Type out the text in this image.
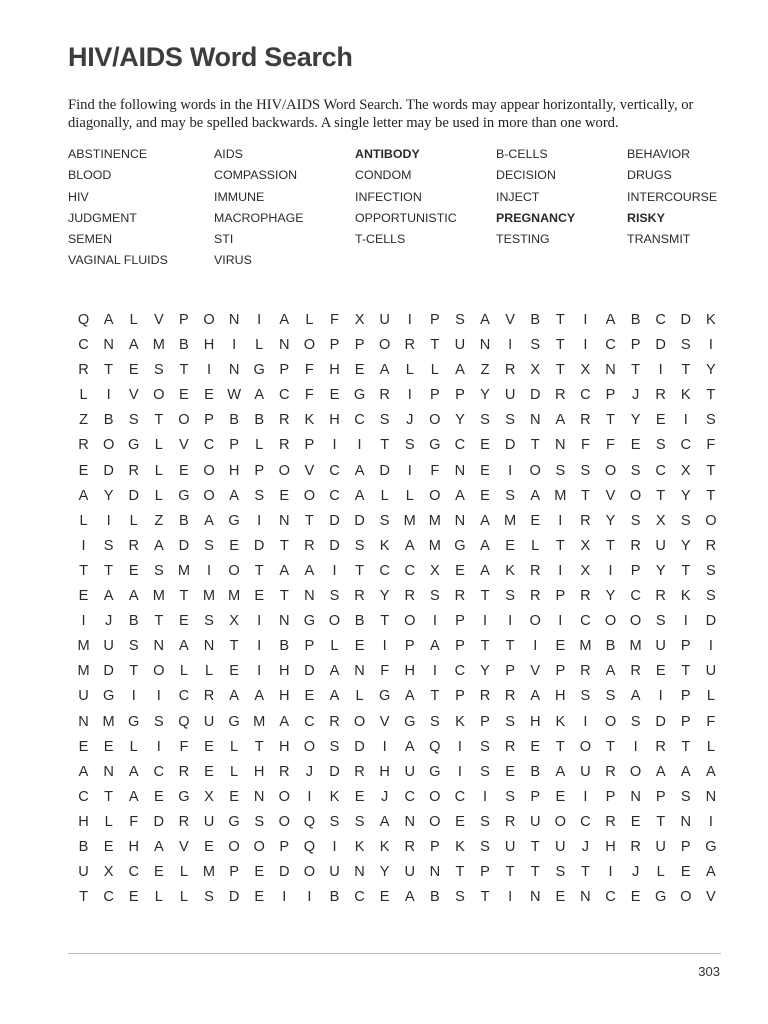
HIV/AIDS Word Search

Find the following words in the HIV/AIDS Word Search. The words may appear horizontally, vertically, or diagonally, and may be spelled backwards. A single letter may be used in more than one word.

ABSTINENCE	AIDS	ANTIBODY	B-CELLS	BEHAVIOR
BLOOD	COMPASSION	CONDOM	DECISION	DRUGS
HIV	IMMUNE	INFECTION	INJECT	INTERCOURSE
JUDGMENT	MACROPHAGE	OPPORTUNISTIC	PREGNANCY	RISKY
SEMEN	STI	T-CELLS	TESTING	TRANSMIT
VAGINAL FLUIDS	VIRUS
Q A	L	V	P O N	I	A	L	F	X	U	I	P	S	A	V	B	T	I	A	B	C D	K
C N	A M B	H	I	L	N O P	P O R	T	U N	I	S	T	I	C	P	D	S	I
R	T	E	S	T	I	N G P	F	H	E	A	L	L	A	Z	R	X	T	X	N	T	I	T	Y
L	I	V O E	E W A	C	F	E G R	I	P	P	Y	U D R C	P	J	R	K	T
Z	B	S	T	O P	B	B	R	K	H C	S	J	O Y	S	S	N	A	R	T	Y	E	I	S
R O G	L	V	C	P	L	R	P	I	I	T	S G C	E	D	T	N	F	F	E	S	C	F
E	D R	L	E O H	P O V	C	A	D	I	F	N	E	I	O S	S O S	C	X	T
A	Y	D	L	G O A	S	E O C	A	L	L	O A	E	S	A M T	V O	T	Y	T
L	I	L	Z	B	A G	I	N	T	D D	S M M N	A M E	I	R	Y	S	X	S O
I	S	R	A	D	S	E	D	T	R D	S	K	A M G A	E	L	T	X	T	R U	Y	R
T	T	E	S M	I	O	T	A	A	I	T	C C	X	E	A	K	R	I	X	I	P	Y	T	S
E	A	A M T M M E	T	N	S	R	Y	R	S	R	T	S	R	P	R	Y	C R	K	S
I	J	B	T	E	S	X	I	N G O B	T	O	I	P	I	I	O	I	C O O S	I	D
M U	S	N	A	N	T	I	B	P	L	E	I	P	A	P	T	T	I	E M B M U	P	I
M D	T	O	L	L	E	I	H D	A	N	F	H	I	C	Y	P	V	P	R	A	R	E	T	U
U G	I	I	C R	A	A	H	E	A	L	G A	T	P	R R	A	H	S	S	A	I	P	L
N M G S Q U G M A	C R O V G S	K	P	S	H	K	I	O S	D	P	F
E	E	L	I	F	E	L	T	H O S	D	I	A Q	I	S	R	E	T	O	T	I	R	T	L
A	N	A	C R	E	L	H R	J	D R H U G	I	S	E	B	A	U R O A	A	A
C	T	A	E G X	E	N O	I	K	E	J	C O C	I	S	P	E	I	P	N	P	S	N
H	L	F	D R U G S O Q S	S	A	N O E	S	R U O C R	E	T	N	I
B	E	H	A	V	E O O P Q	I	K	K	R	P	K	S	U	T	U	J	H R U	P G
U	X	C	E	L	M P	E	D O U N	Y	U N	T	P	T	T	S	T	I	J	L	E	A
T	C	E	L	L	S	D	E	I	I	B	C	E	A	B	S	T	I	N	E	N C	E G O V
303
